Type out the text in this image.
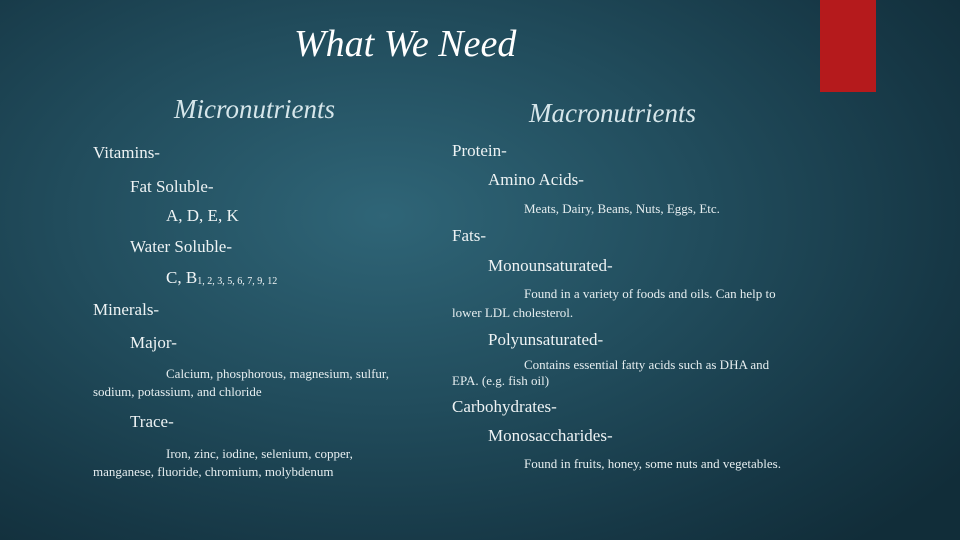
What We Need
Micronutrients
Vitamins-
Fat Soluble-
A, D, E, K
Water Soluble-
C, $B_{1, 2, 3, 5, 6, 7, 9, 12}$
Minerals-
Major-
Calcium, phosphorous, magnesium, sulfur,
sodium, potassium, and chloride
Trace-
Iron, zinc, iodine, selenium, copper,
manganese, fluoride, chromium, molybdenum
Macronutrients
Protein-
Amino Acids-
Meats, Dairy, Beans, Nuts, Eggs, Etc.
Fats-
Monounsaturated-
Found in a variety of foods and oils. Can help to
lower LDL cholesterol.
Polyunsaturated-
Contains essential fatty acids such as DHA and
EPA. (e.g. fish oil)
Carbohydrates-
Monosaccharides-
Found in fruits, honey, some nuts and vegetables.
